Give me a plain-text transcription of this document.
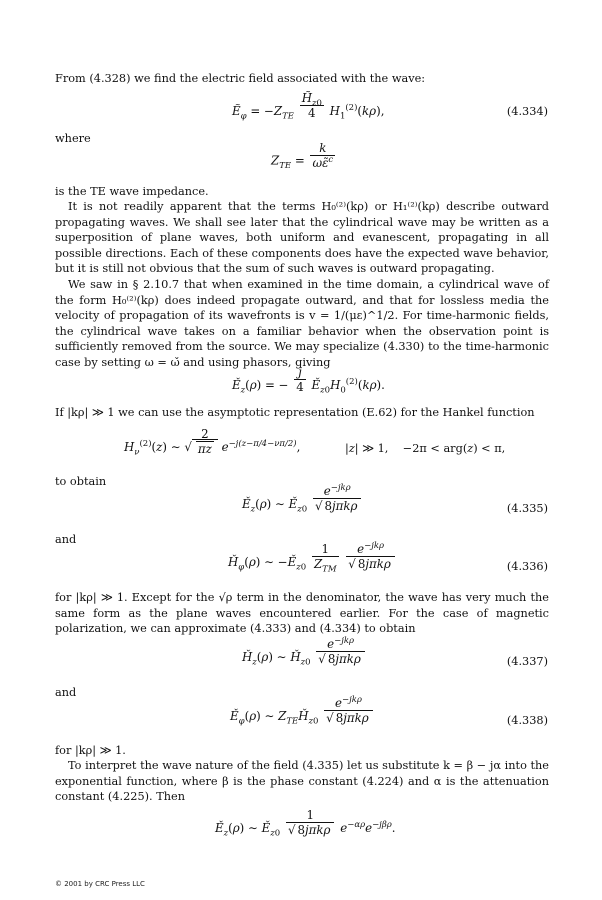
From (4.328) we find the electric field associated with the wave:

Ẽ$_\varphi$ = $-Z_{TE} \frac{H̃_{z0}}{4} H_1^{(2)}(k\rho)$,	(4.334)

where

$Z_{TE} = \frac{k}{\omega\varepsiloñ^c}$

is the TE wave impedance.

It is not readily apparent that the terms H₀⁽²⁾(kρ) or H₁⁽²⁾(kρ) describe outward propagating waves. We shall see later that the cylindrical wave may be written as a superposition of plane waves, both uniform and evanescent, propagating in all possible directions. Each of these components does have the expected wave behavior, but it is still not obvious that the sum of such waves is outward propagating.

We saw in § 2.10.7 that when examined in the time domain, a cylindrical wave of the form H₀⁽²⁾(kρ) does indeed propagate outward, and that for lossless media the velocity of propagation of its wavefronts is v = 1/(με)^1/2. For time-harmonic fields, the cylindrical wave takes on a familiar behavior when the observation point is sufficiently removed from the source. We may specialize (4.330) to the time-harmonic case by setting ω = ω̌ and using phasors, giving

$Ě_z(\rho)$ = − $\frac{j}{4}$ $Ě_{z0}H_0^{(2)}(k\rho)$.

If |kρ| ≫ 1 we can use the asymptotic representation (E.62) for the Hankel function

$H_\nu^{(2)}(z)$ ∼ √ $\frac{2}{\pi z} e^{-j(z-\pi/4-\nu\pi/2)}$,	|z| ≫ 1,    −2π < arg(z) < π,

to obtain

$Ě_z(\rho)$ ∼ $Ě_{z0} \frac{e^{-jk\rho}}{\text{√ 8jπkρ}}$	(4.335)

and

$Ȟ_\varphi(\rho)$ ∼ $-Ě_{z0} \frac{1}{Z_{TM}}$
$\frac{e^{-jk\rho}}{\text{√ 8jπkρ}}$	(4.336)

for |kρ| ≫ 1. Except for the √ρ term in the denominator, the wave has very much the same form as the plane waves encountered earlier. For the case of magnetic polarization, we can approximate (4.333) and (4.334) to obtain

$Ȟ_z(\rho)$ ∼ $Ȟ_{z0} \frac{e^{-jk\rho}}{\text{√ 8jπkρ}}$	(4.337)

and

$Ě_\varphi(\rho)$ ∼ $Z_{TE}Ȟ_{z0} \frac{e^{-jk\rho}}{\text{√ 8jπkρ}}$	(4.338)

for |kρ| ≫ 1.

To interpret the wave nature of the field (4.335) let us substitute k = β − jα into the exponential function, where β is the phase constant (4.224) and α is the attenuation constant (4.225). Then

$Ě_z(\rho)$ ∼ $Ě_{z0} \frac{1}{\text{√ 8jπkρ}} e^{-\alpha\rho}e^{-j\beta\rho}$.
© 2001 by CRC Press LLC
